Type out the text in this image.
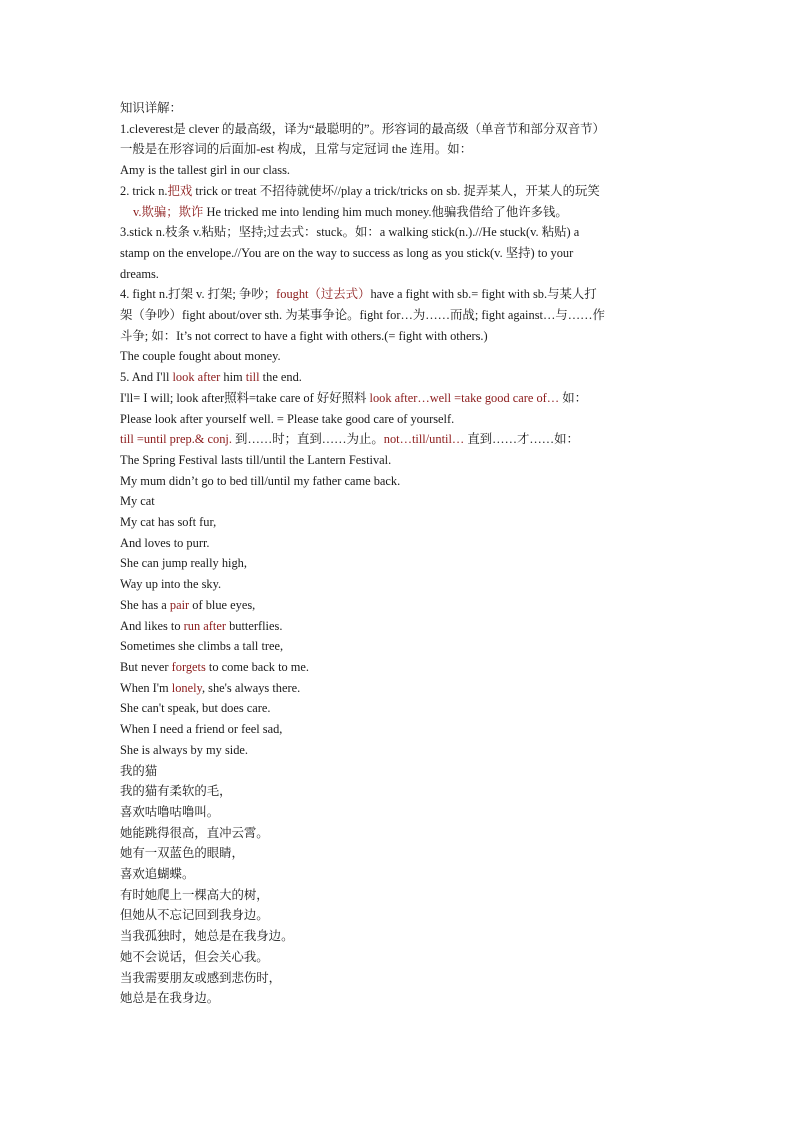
知识详解：
1.cleverest是 clever 的最高级，译为“最聪明的”。形容词的最高级（单音节和部分双音节）
一般是在形容词的后面加-est 构成，且常与定冠词 the 连用。如：
Amy is the tallest girl in our class.
2. trick n.把戏 trick or treat 不招待就使坏//play a trick/tricks on sb. 捉弄某人，开某人的玩笑
v.欺骗；欺诈 He tricked me into lending him much money.他骗我借给了他许多钱。
3.stick n.枝条 v.粘贴；坚持;过去式：stuck。如：a walking stick(n.).//He stuck(v. 粘贴) a
stamp on the envelope.//You are on the way to success as long as you stick(v. 坚持) to your
dreams.
4. fight n.打架 v. 打架; 争吵；fought（过去式）have a fight with sb.= fight with sb.与某人打
架（争吵）fight about/over sth. 为某事争论。fight for…为……而战; fight against…与……作
斗争; 如：It’s not correct to have a fight with others.(= fight with others.)
The couple fought about money.
5. And I'll look after him till the end.
I'll= I will; look after照料=take care of 好好照料 look after…well =take good care of… 如：
Please look after yourself well. = Please take good care of yourself.
till =until prep.& conj. 到……时；直到……为止。not…till/until… 直到……才……如：
The Spring Festival lasts till/until the Lantern Festival.
My mum didn’t go to bed till/until my father came back.
My cat
My cat has soft fur,
And loves to purr.
She can jump really high,
Way up into the sky.
She has a pair of blue eyes,
And likes to run after butterflies.
Sometimes she climbs a tall tree,
But never forgets to come back to me.
When I'm lonely, she's always there.
She can't speak, but does care.
When I need a friend or feel sad,
She is always by my side.
我的猫
我的猫有柔软的毛，
喜欢咕噜咕噜叫。
她能跳得很高，直冲云霄。
她有一双蓝色的眼睛，
喜欢追蝴蝶。
有时她爬上一棵高大的树，
但她从不忘记回到我身边。
当我孤独时，她总是在我身边。
她不会说话，但会关心我。
当我需要朋友或感到悲伤时，
她总是在我身边。
